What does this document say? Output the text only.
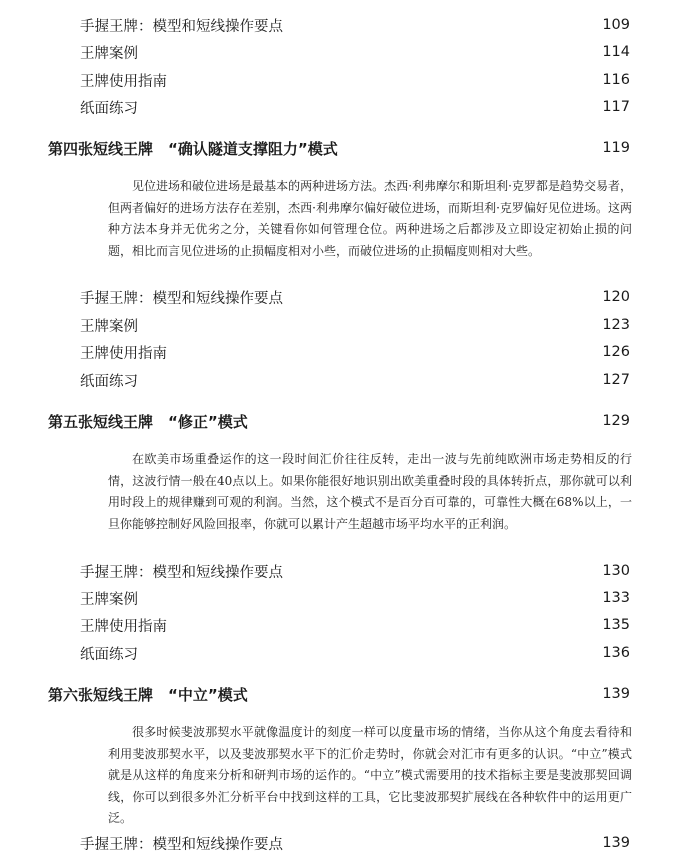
手握王牌：模型和短线操作要点	109
王牌案例	114
王牌使用指南	116
纸面练习	117
第四张短线王牌　“确认隧道支撑阻力”模式	119

见位进场和破位进场是最基本的两种进场方法。杰西·利弗摩尔和斯坦利·克罗都是趋势交易者，但两者偏好的进场方法存在差别，杰西·利弗摩尔偏好破位进场，而斯坦利·克罗偏好见位进场。这两种方法本身并无优劣之分，关键看你如何管理仓位。两种进场之后都涉及立即设定初始止损的问题，相比而言见位进场的止损幅度相对小些，而破位进场的止损幅度则相对大些。

手握王牌：模型和短线操作要点	120
王牌案例	123
王牌使用指南	126
纸面练习	127
第五张短线王牌　“修正”模式	129

在欧美市场重叠运作的这一段时间汇价往往反转，走出一波与先前纯欧洲市场走势相反的行情，这波行情一般在40点以上。如果你能很好地识别出欧美重叠时段的具体转折点，那你就可以利用时段上的规律赚到可观的利润。当然，这个模式不是百分百可靠的，可靠性大概在68%以上，一旦你能够控制好风险回报率，你就可以累计产生超越市场平均水平的正利润。

手握王牌：模型和短线操作要点	130
王牌案例	133
王牌使用指南	135
纸面练习	136
第六张短线王牌　“中立”模式	139

很多时候斐波那契水平就像温度计的刻度一样可以度量市场的情绪，当你从这个角度去看待和利用斐波那契水平，以及斐波那契水平下的汇价走势时，你就会对汇市有更多的认识。“中立”模式就是从这样的角度来分析和研判市场的运作的。“中立”模式需要用的技术指标主要是斐波那契回调线，你可以到很多外汇分析平台中找到这样的工具，它比斐波那契扩展线在各种软件中的运用更广泛。

手握王牌：模型和短线操作要点	139
